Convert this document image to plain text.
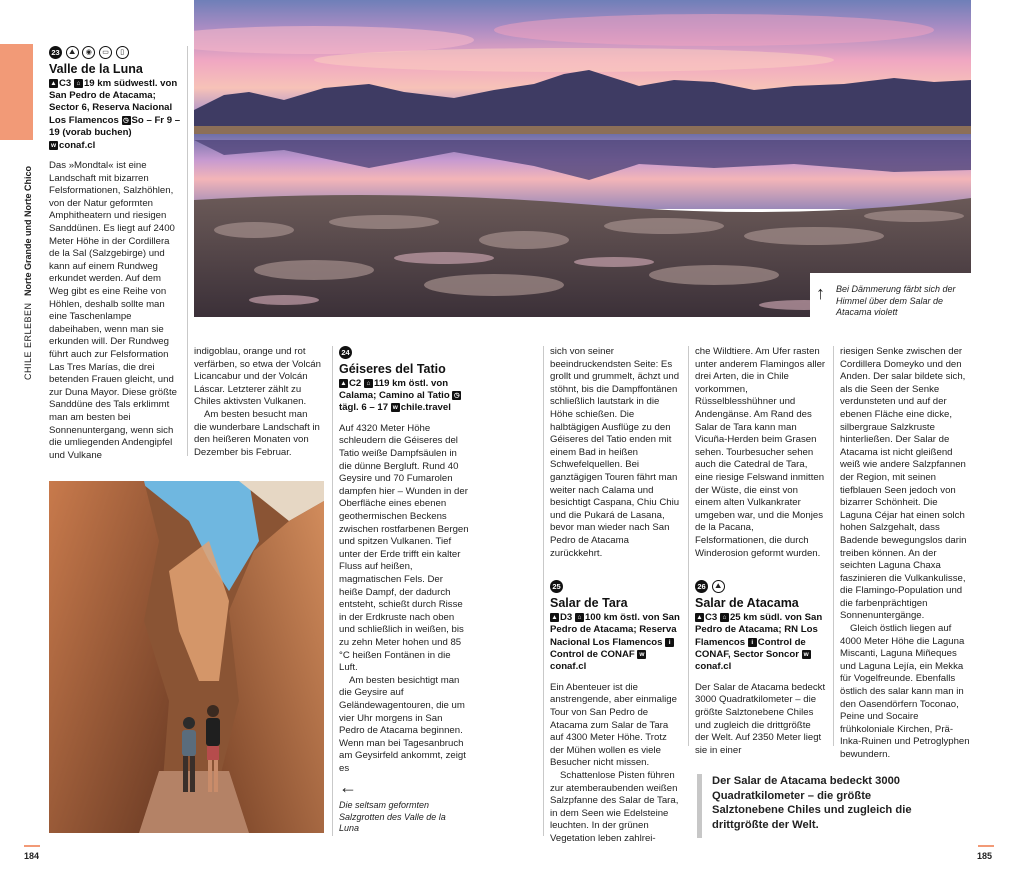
CHILE ERLEBEN Norte Grande und Norte Chico	↑ Bei Dämmerung färbt sich der Himmel über dem Salar de Atacama violett
23 ⛰ ◉ ▭ ▯
Valle de la Luna
▲ C3 ⌂ 19 km südwestl. von San Pedro de Atacama; Sector 6, Reserva Nacional Los Flamencos ◷ So – Fr 9 – 19 (vorab buchen)
w conaf.cl

Das »Mondtal« ist eine Landschaft mit bizarren Felsformationen, Salzhöhlen, von der Natur geformten Amphitheatern und riesigen Sanddünen. Es liegt auf 2400 Meter Höhe in der Cordillera de la Sal (Salzgebirge) und kann auf einem Rundweg erkundet werden. Auf dem Weg gibt es eine Reihe von Höhlen, deshalb sollte man eine Taschenlampe dabeihaben, wenn man sie erkunden will. Der Rundweg führt auch zur Felsformation Las Tres Marías, die drei betenden Frauen gleicht, und zur Duna Mayor. Diese größte Sanddüne des Tals erklimmt man am besten bei Sonnenuntergang, wenn sich die umliegenden Andengipfel und Vulkane

indigoblau, orange und rot verfärben, so etwa der Volcán Licancabur und der Volcán Láscar. Letzterer zählt zu Chiles aktivsten Vulkanen.

Am besten besucht man die wunderbare Landschaft in den heißeren Monaten von Dezember bis Februar.

24
Géiseres del Tatio
▲ C2 ⌂ 119 km östl. von Calama; Camino al Tatio ◷tägl. 6 – 17 w chile.travel

Auf 4320 Meter Höhe schleudern die Géiseres del Tatio weiße Dampfsäulen in die dünne Bergluft. Rund 40 Geysire und 70 Fumarolen dampfen hier – Wunden in der Oberfläche eines ebenen geothermischen Beckens zwischen rostfarbenen Bergen und spitzen Vulkanen. Tief unter der Erde trifft ein kalter Fluss auf heißen, magmatischen Fels. Der heiße Dampf, der dadurch entsteht, schießt durch Risse in der Erdkruste nach oben und schließlich in weißen, bis zu zehn Meter hohen und 85 °C heißen Fontänen in die Luft.

Am besten besichtigt man die Geysire auf Geländewagentouren, die um vier Uhr morgens in San Pedro de Atacama beginnen. Wenn man bei Tagesanbruch am Geysirfeld ankommt, zeigt es

←
Die seltsam geformten Salzgrotten des Valle de la Luna

sich von seiner beeindruckendsten Seite: Es grollt und grummelt, ächzt und stöhnt, bis die Dampffontänen schließlich lautstark in die Höhe schießen. Die halbtägigen Ausflüge zu den Géiseres del Tatio enden mit einem Bad in heißen Schwefelquellen. Bei ganztägigen Touren fährt man weiter nach Calama und besichtigt Caspana, Chiu Chiu und die Pukará de Lasana, bevor man wieder nach San Pedro de Atacama zurückkehrt.

25
Salar de Tara
▲ D3 ⌂ 100 km östl. von San Pedro de Atacama; Reserva Nacional Los Flamencos iControl de CONAF wconaf.cl

Ein Abenteuer ist die anstrengende, aber einmalige Tour von San Pedro de Atacama zum Salar de Tara auf 4300 Meter Höhe. Trotz der Mühen wollen es viele Besucher nicht missen.

Schattenlose Pisten führen zur atemberaubenden weißen Salzpfanne des Salar de Tara, in dem Seen wie Edelsteine leuchten. In der grünen Vegetation leben zahlrei-

che Wildtiere. Am Ufer rasten unter anderem Flamingos aller drei Arten, die in Chile vorkommen, Rüsselblesshühner und Andengänse. Am Rand des Salar de Tara kann man Vicuña-Herden beim Grasen sehen. Tourbesucher sehen auch die Catedral de Tara, eine riesige Felswand inmitten der Wüste, die einst von einem alten Vulkankrater umgeben war, und die Monjes de la Pacana, Felsformationen, die durch Winderosion geformt wurden.

26 ⛰
Salar de Atacama
▲ C3 ⌂ 25 km südl. von San Pedro de Atacama; RN Los Flamencos i Control de CONAF, Sector Soncor wconaf.cl

Der Salar de Atacama bedeckt 3000 Quadratkilometer – die größte Salztonebene Chiles und zugleich die drittgrößte der Welt. Auf 2350 Meter liegt sie in einer

riesigen Senke zwischen der Cordillera Domeyko und den Anden. Der salar bildete sich, als die Seen der Senke verdunsteten und auf der ebenen Fläche eine dicke, silbergraue Salzkruste hinterließen. Der Salar de Atacama ist nicht gleißend weiß wie andere Salzpfannen der Region, mit seinen tiefblauen Seen jedoch von bizarrer Schönheit. Die Laguna Céjar hat einen solch hohen Salzgehalt, dass Badende bewegungslos darin treiben können. An der seichten Laguna Chaxa faszinieren die Vulkankulisse, die Flamingo-Population und die farbenprächtigen Sonnenuntergänge.

Gleich östlich liegen auf 4000 Meter Höhe die Laguna Miscanti, Laguna Miñeques und Laguna Lejía, ein Mekka für Vogelfreunde. Ebenfalls östlich des salar kann man in den Oasendörfern Toconao, Peine und Socaire frühkoloniale Kirchen, Prä-Inka-Ruinen und Petroglyphen bewundern.

Der Salar de Atacama bedeckt 3000 Quadratkilometer – die größte Salztonebene Chiles und zugleich die drittgrößte der Welt.
184	185
